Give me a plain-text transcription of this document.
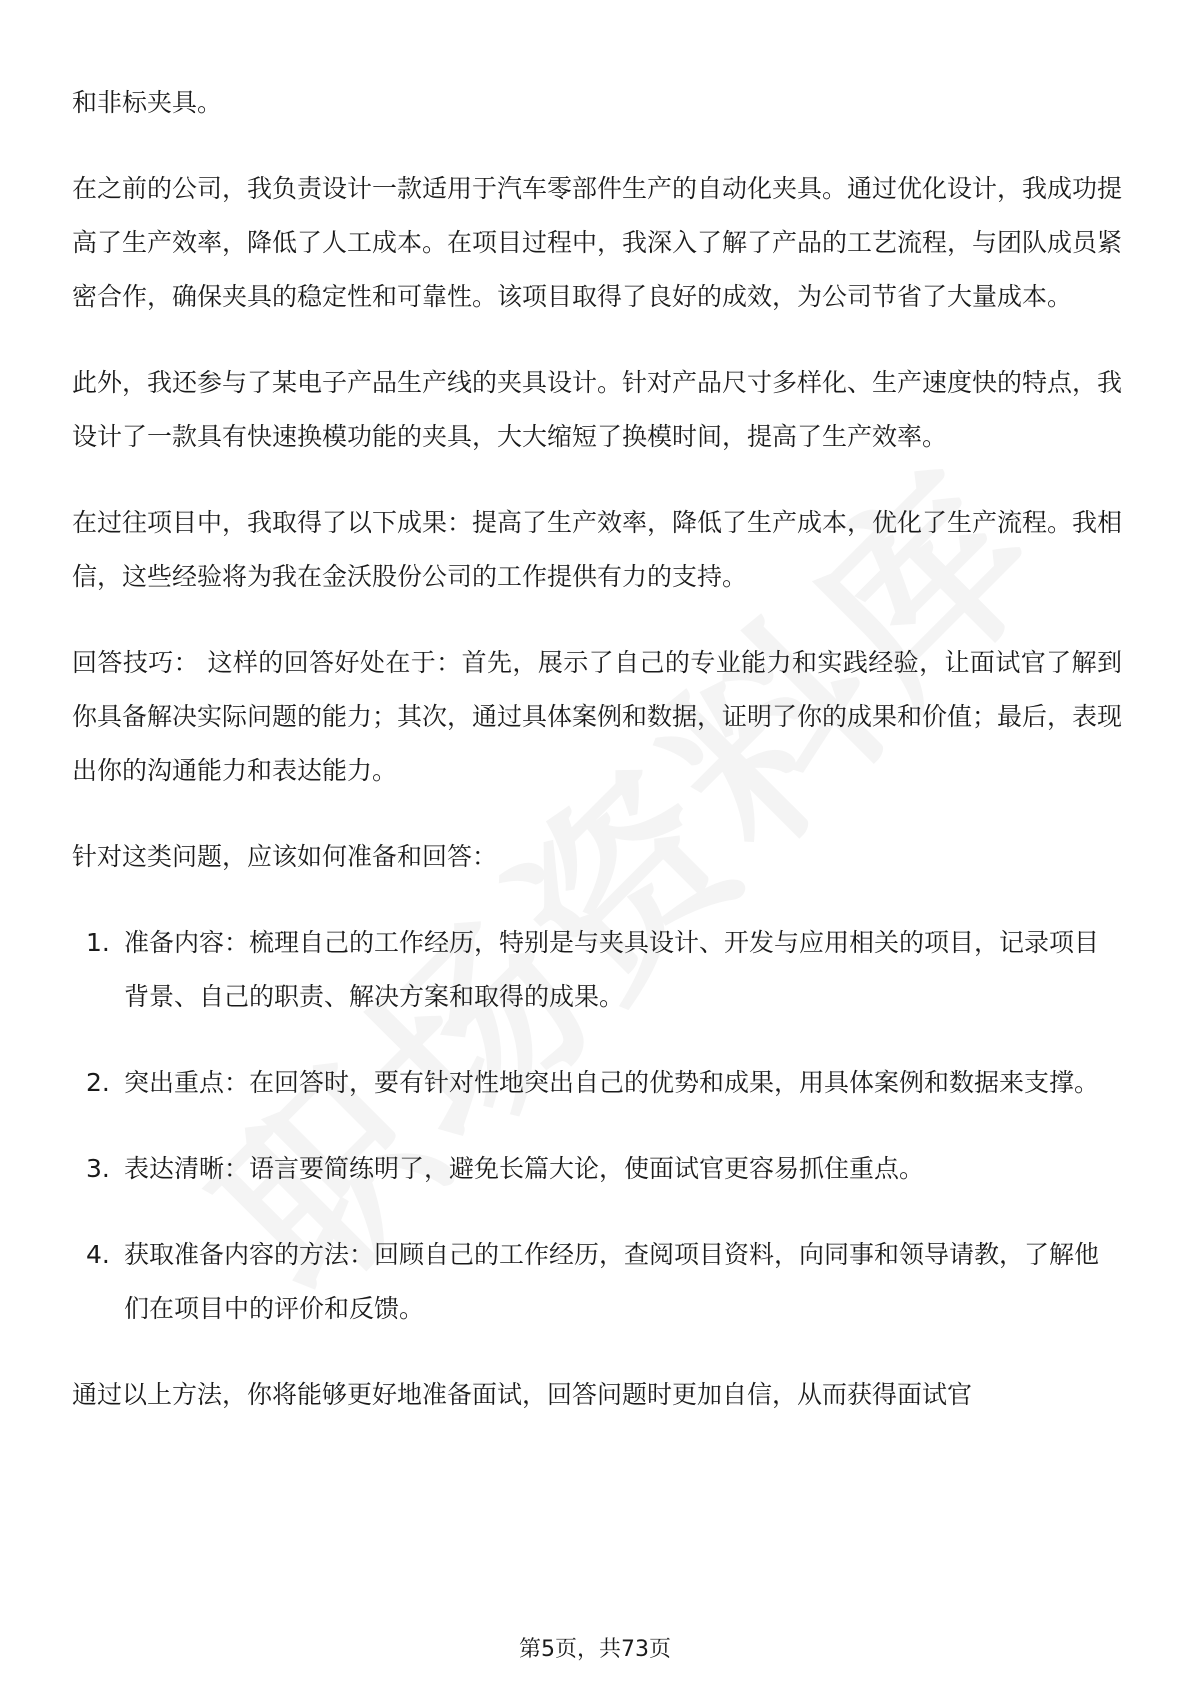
和非标夹具。

在之前的公司，我负责设计一款适用于汽车零部件生产的自动化夹具。通过优化设计，我成功提高了生产效率，降低了人工成本。在项目过程中，我深入了解了产品的工艺流程，与团队成员紧密合作，确保夹具的稳定性和可靠性。该项目取得了良好的成效，为公司节省了大量成本。

此外，我还参与了某电子产品生产线的夹具设计。针对产品尺寸多样化、生产速度快的特点，我设计了一款具有快速换模功能的夹具，大大缩短了换模时间，提高了生产效率。

在过往项目中，我取得了以下成果：提高了生产效率，降低了生产成本，优化了生产流程。我相信，这些经验将为我在金沃股份公司的工作提供有力的支持。

回答技巧： 这样的回答好处在于：首先，展示了自己的专业能力和实践经验，让面试官了解到你具备解决实际问题的能力；其次，通过具体案例和数据，证明了你的成果和价值；最后，表现出你的沟通能力和表达能力。

针对这类问题，应该如何准备和回答：

1. 准备内容：梳理自己的工作经历，特别是与夹具设计、开发与应用相关的项目，记录项目背景、自己的职责、解决方案和取得的成果。
2. 突出重点：在回答时，要有针对性地突出自己的优势和成果，用具体案例和数据来支撑。
3. 表达清晰：语言要简练明了，避免长篇大论，使面试官更容易抓住重点。
4. 获取准备内容的方法：回顾自己的工作经历，查阅项目资料，向同事和领导请教，了解他们在项目中的评价和反馈。

通过以上方法，你将能够更好地准备面试，回答问题时更加自信，从而获得面试官

第5页，共73页
